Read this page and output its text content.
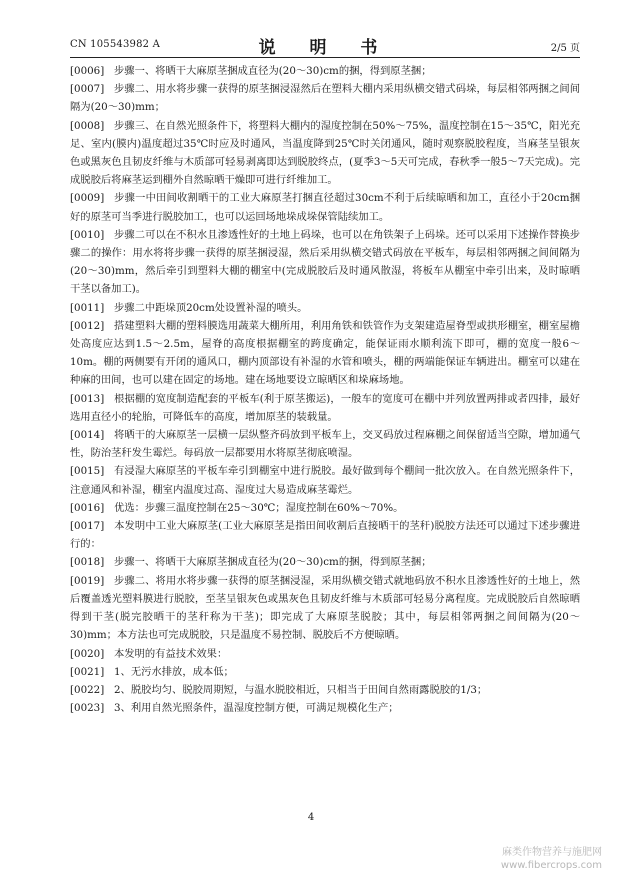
CN 105543982 A	说 明 书	2/5 页

[0006] 步骤一、将晒干大麻原茎捆成直径为(20～30)cm的捆，得到原茎捆；

[0007] 步骤二、用水将步骤一获得的原茎捆浸湿然后在塑料大棚内采用纵横交错式码垛，每层相邻两捆之间间隔为(20～30)mm；

[0008] 步骤三、在自然光照条件下，将塑料大棚内的湿度控制在50%～75%，温度控制在15～35℃，阳光充足、室内(膜内)温度超过35℃时应及时通风，当温度降到25℃时关闭通风，随时观察脱胶程度，当麻茎呈银灰色或黑灰色且韧皮纤维与木质部可轻易剥离即达到脱胶终点，(夏季3～5天可完成，春秋季一般5～7天完成)。完成脱胶后将麻茎运到棚外自然晾晒干燥即可进行纤维加工。

[0009] 步骤一中田间收割晒干的工业大麻原茎打捆直径超过30cm不利于后续晾晒和加工，直径小于20cm捆好的原茎可当季进行脱胶加工，也可以运回场地垛成垛保管陆续加工。

[0010] 步骤二可以在不积水且渗透性好的土地上码垛，也可以在角铁架子上码垛。还可以采用下述操作替换步骤二的操作：用水将将步骤一获得的原茎捆浸湿，然后采用纵横交错式码放在平板车，每层相邻两捆之间间隔为(20～30)mm，然后牵引到塑料大棚的棚室中(完成脱胶后及时通风散湿，将板车从棚室中牵引出来，及时晾晒干茎以备加工)。

[0011] 步骤二中距垛顶20cm处设置补湿的喷头。

[0012] 搭建塑料大棚的塑料膜选用蔬菜大棚所用，利用角铁和铁管作为支架建造屋脊型或拱形棚室，棚室屋檐处高度应达到1.5～2.5m，屋脊的高度根据棚室的跨度确定，能保证雨水顺利流下即可，棚的宽度一般6～10m。棚的两侧要有开闭的通风口，棚内顶部设有补湿的水管和喷头，棚的两端能保证车辆进出。棚室可以建在种麻的田间，也可以建在固定的场地。建在场地要设立晾晒区和垛麻场地。

[0013] 根据棚的宽度制造配套的平板车(利于原茎搬运)，一般车的宽度可在棚中并列放置两排或者四排，最好选用直径小的轮胎，可降低车的高度，增加原茎的装载量。

[0014] 将晒干的大麻原茎一层横一层纵整齐码放到平板车上，交叉码放过程麻棚之间保留适当空隙，增加通气性，防治茎秆发生霉烂。每码放一层都要用水将原茎彻底喷湿。

[0015] 有浸湿大麻原茎的平板车牵引到棚室中进行脱胶。最好做到每个棚间一批次放入。在自然光照条件下，注意通风和补湿，棚室内温度过高、湿度过大易造成麻茎霉烂。

[0016] 优选：步骤三温度控制在25～30℃；湿度控制在60%～70%。

[0017] 本发明中工业大麻原茎(工业大麻原茎是指田间收割后直接晒干的茎秆)脱胶方法还可以通过下述步骤进行的：

[0018] 步骤一、将晒干大麻原茎捆成直径为(20～30)cm的捆，得到原茎捆；

[0019] 步骤二、将用水将步骤一获得的原茎捆浸湿，采用纵横交错式就地码放不积水且渗透性好的土地上，然后覆盖透光塑料膜进行脱胶，至茎呈银灰色或黑灰色且韧皮纤维与木质部可轻易分离程度。完成脱胶后自然晾晒得到干茎(脱完胶晒干的茎秆称为干茎)；即完成了大麻原茎脱胶；其中，每层相邻两捆之间间隔为(20～30)mm；本方法也可完成脱胶，只是温度不易控制、脱胶后不方便晾晒。

[0020] 本发明的有益技术效果：

[0021] 1、无污水排放，成本低；

[0022] 2、脱胶均匀、脱胶周期短，与温水脱胶相近，只相当于田间自然雨露脱胶的1/3；

[0023] 3、利用自然光照条件，温湿度控制方便，可满足规模化生产；

4
麻类作物营养与施肥网
www.fibercrops.com
